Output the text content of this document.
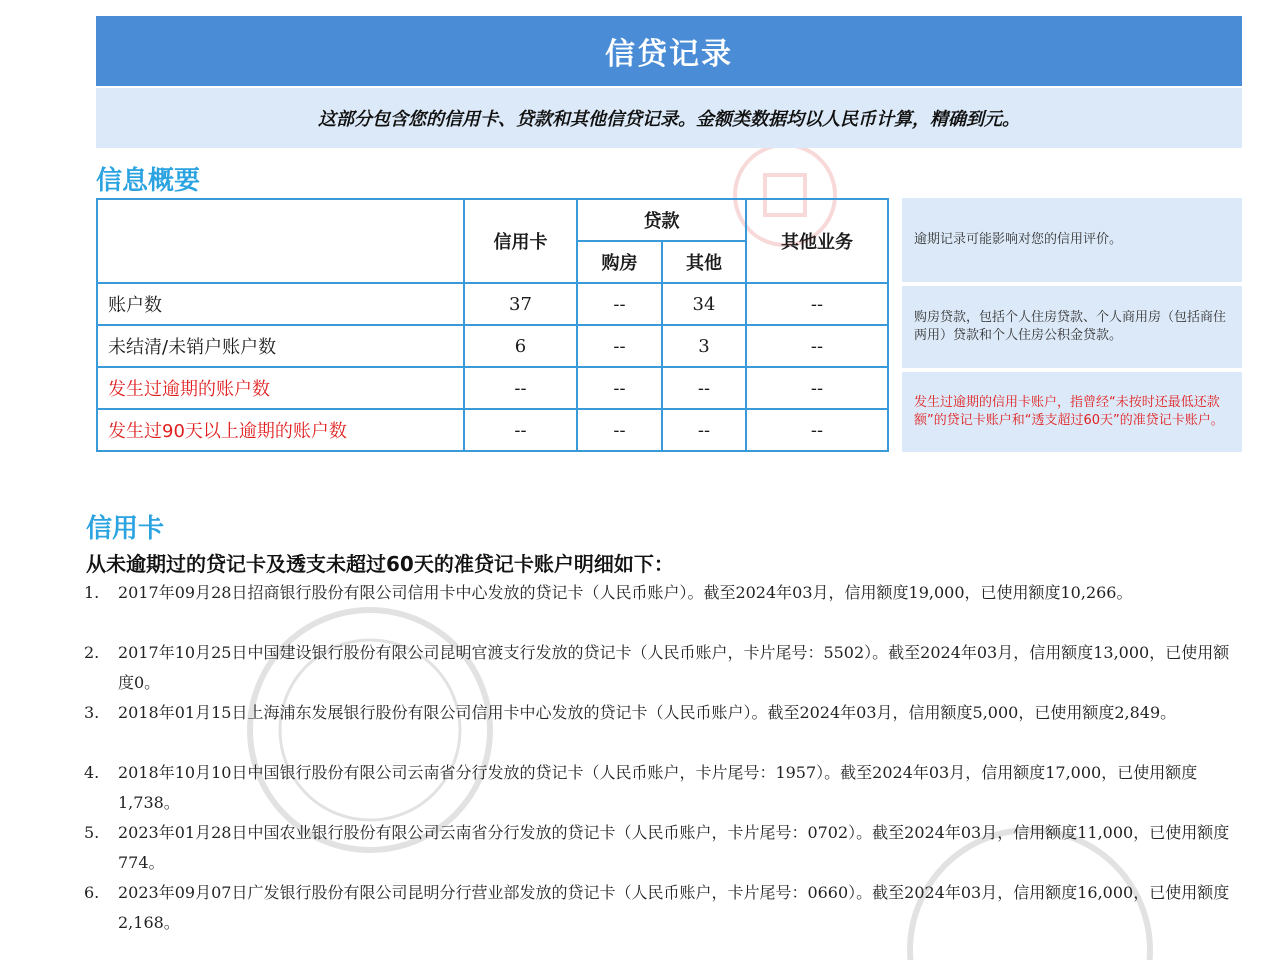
信贷记录
这部分包含您的信用卡、贷款和其他信贷记录。金额类数据均以人民币计算，精确到元。
信息概要
	信用卡	贷款		其他业务
		购房	其他	
账户数	37	--	34	--
未结清/未销户账户数	6	--	3	--
发生过逾期的账户数	--	--	--	--
发生过90天以上逾期的账户数	--	--	--	--
逾期记录可能影响对您的信用评价。
购房贷款，包括个人住房贷款、个人商用房（包括商住两用）贷款和个人住房公积金贷款。
发生过逾期的信用卡账户，指曾经“未按时还最低还款额”的贷记卡账户和“透支超过60天”的准贷记卡账户。
信用卡
从未逾期过的贷记卡及透支未超过60天的准贷记卡账户明细如下：
1.	2017年09月28日招商银行股份有限公司信用卡中心发放的贷记卡（人民币账户）。截至2024年03月，信用额度19,000，已使用额度10,266。
2.	2017年10月25日中国建设银行股份有限公司昆明官渡支行发放的贷记卡（人民币账户，卡片尾号：5502）。截至2024年03月，信用额度13,000，已使用额度0。
3.	2018年01月15日上海浦东发展银行股份有限公司信用卡中心发放的贷记卡（人民币账户）。截至2024年03月，信用额度5,000，已使用额度2,849。
4.	2018年10月10日中国银行股份有限公司云南省分行发放的贷记卡（人民币账户，卡片尾号：1957）。截至2024年03月，信用额度17,000，已使用额度1,738。
5.	2023年01月28日中国农业银行股份有限公司云南省分行发放的贷记卡（人民币账户，卡片尾号：0702）。截至2024年03月，信用额度11,000，已使用额度774。
6.	2023年09月07日广发银行股份有限公司昆明分行营业部发放的贷记卡（人民币账户，卡片尾号：0660）。截至2024年03月，信用额度16,000，已使用额度2,168。
